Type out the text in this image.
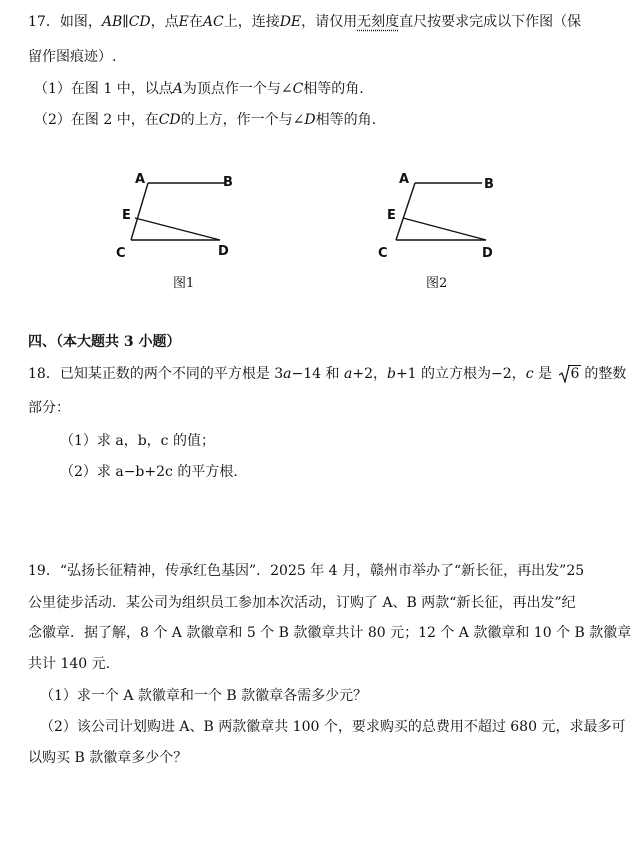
17．如图，AB∥CD，点E在AC上，连接DE，请仅用无刻度直尺按要求完成以下作图（保
留作图痕迹）.
（1）在图 1 中，以点A为顶点作一个与∠C相等的角.
（2）在图 2 中，在CD的上方，作一个与∠D相等的角.
A	B
E
C	D
图1
A	B
E
C	D
图2
四、（本大题共 3 小题）
18．已知某正数的两个不同的平方根是 3a−14 和 a+2，b+1 的立方根为−2，c 是 6 的整数
部分：
（1）求 a，b，c 的值；
（2）求 a−b+2c 的平方根.
19．“弘扬长征精神，传承红色基因”．2025 年 4 月，赣州市举办了“新长征，再出发”25
公里徒步活动．某公司为组织员工参加本次活动，订购了 A、B 两款“新长征，再出发”纪
念徽章．据了解，8 个 A 款徽章和 5 个 B 款徽章共计 80 元；12 个 A 款徽章和 10 个 B 款徽章
共计 140 元.
（1）求一个 A 款徽章和一个 B 款徽章各需多少元？
（2）该公司计划购进 A、B 两款徽章共 100 个，要求购买的总费用不超过 680 元，求最多可
以购买 B 款徽章多少个？
